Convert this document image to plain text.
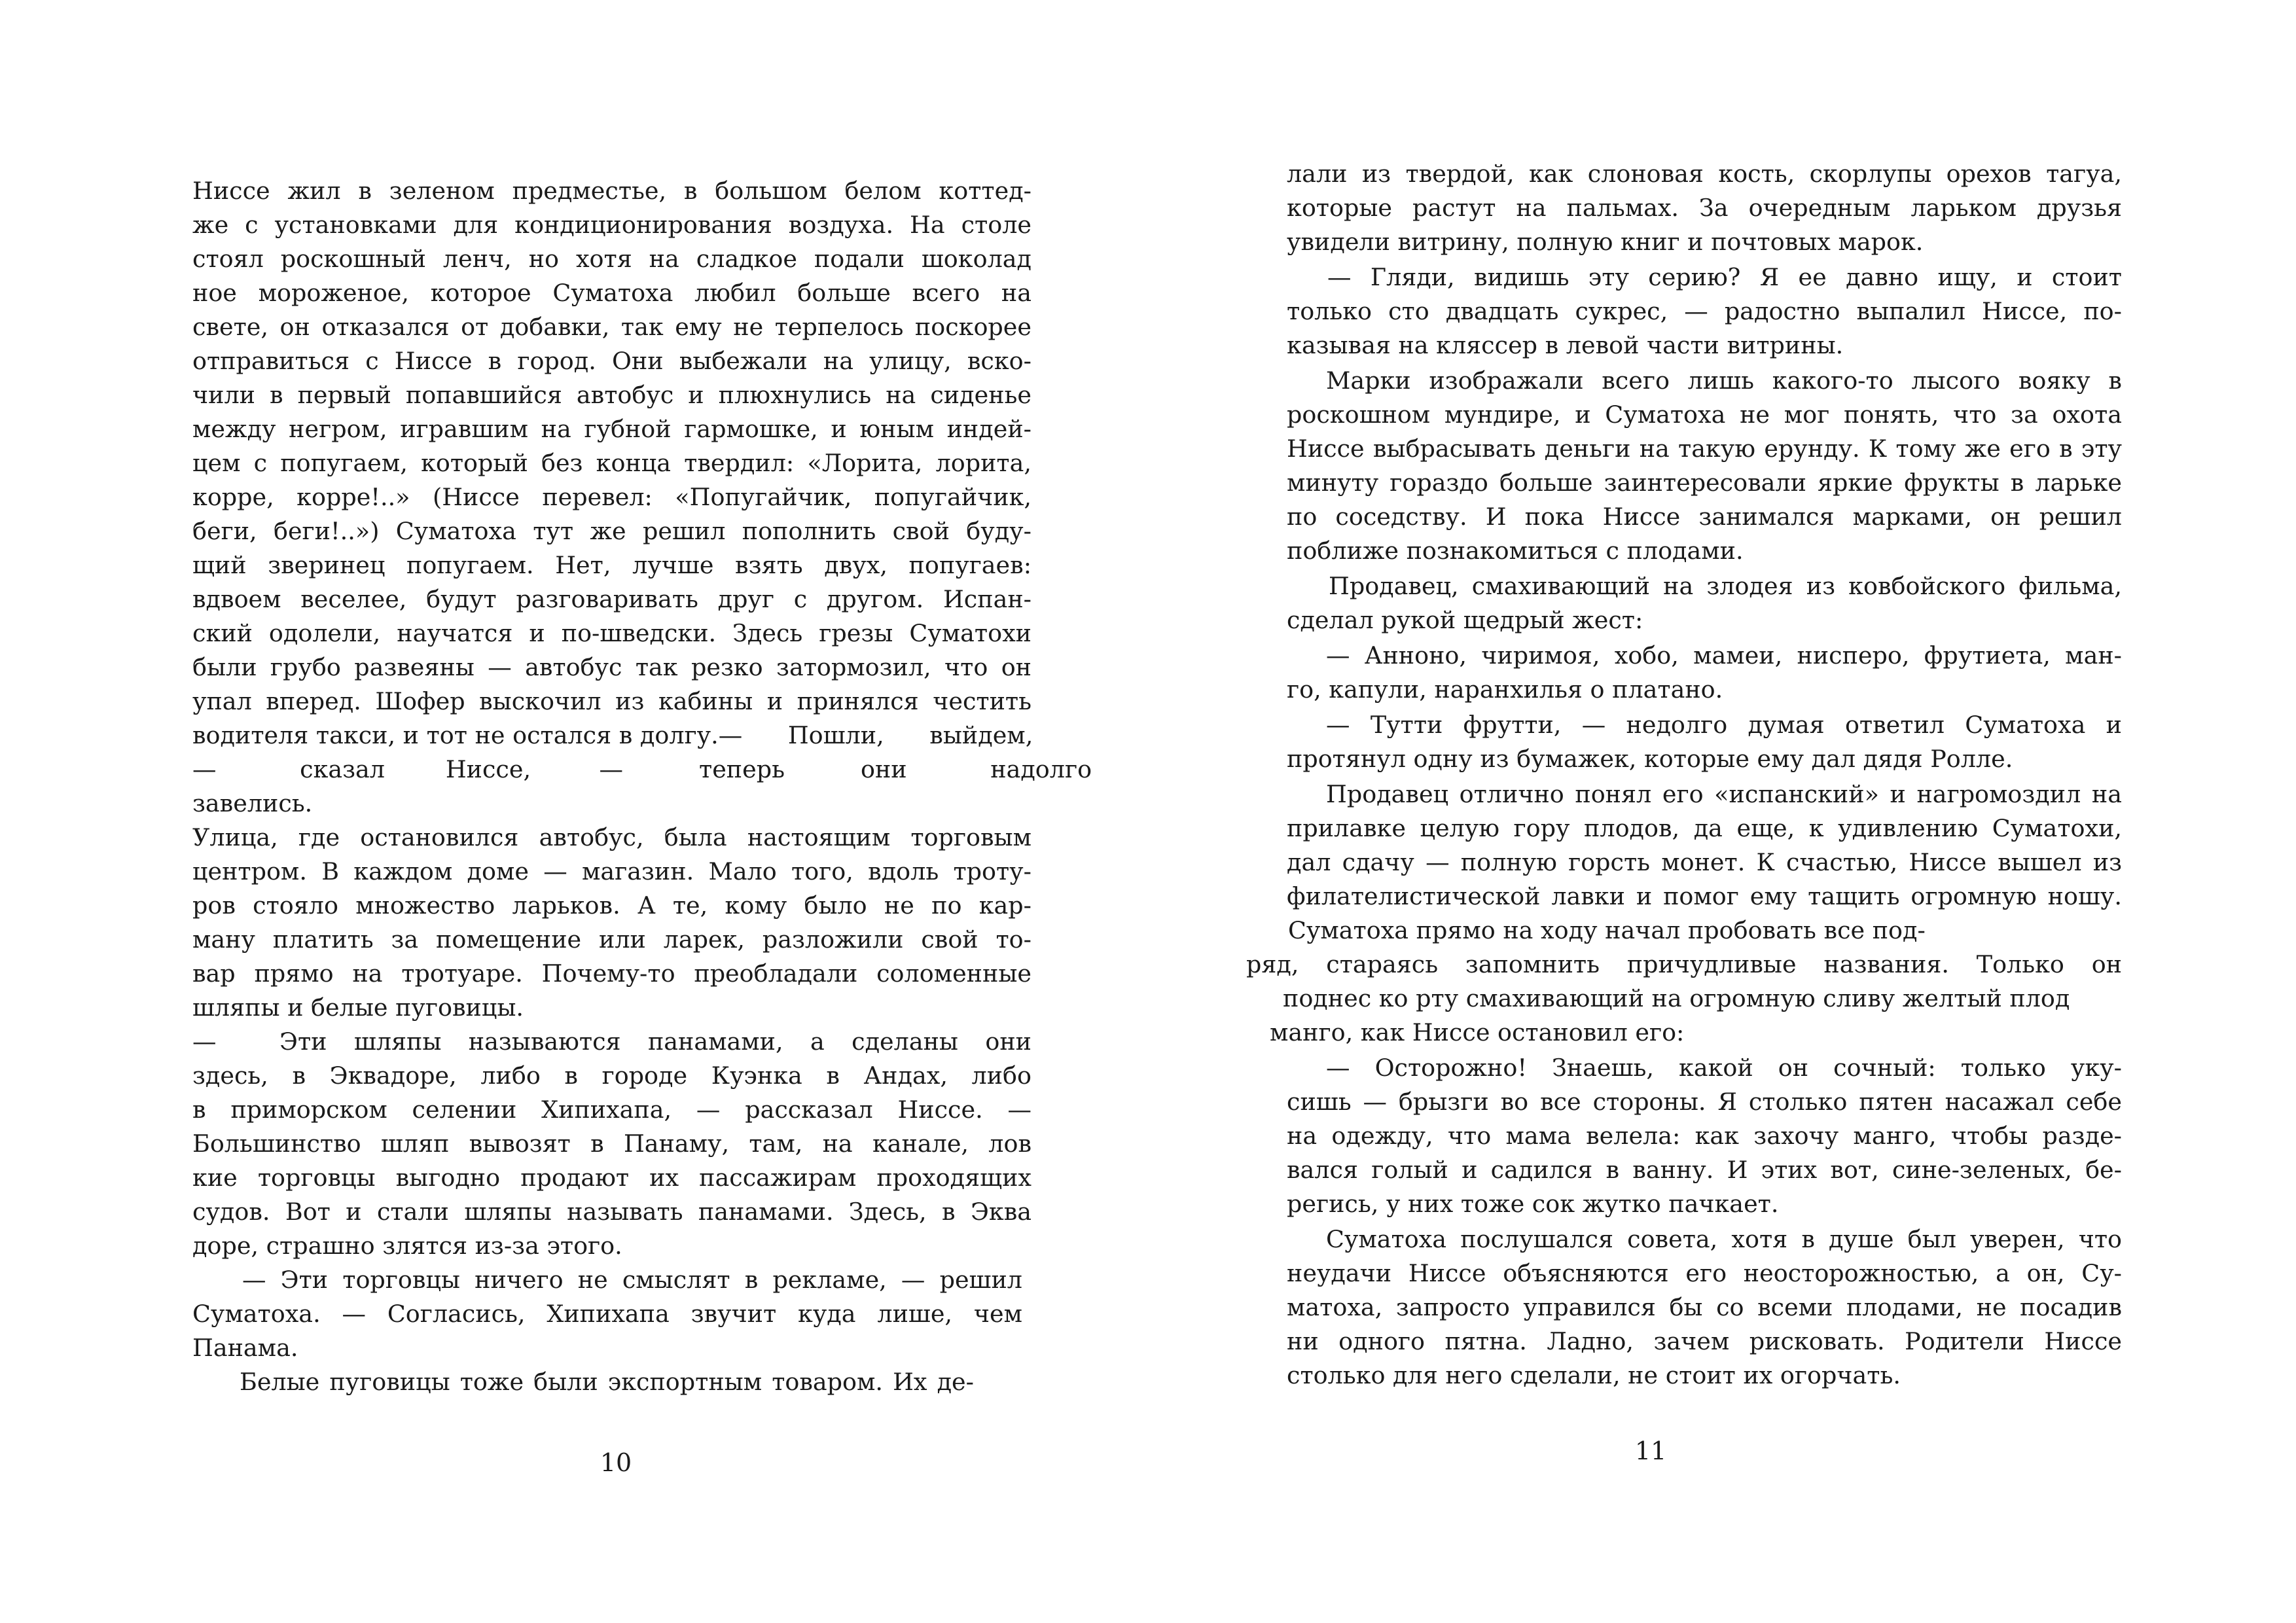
Ниссе жил в зеленом предместье, в большом белом коттед-
же с установками для кондиционирования воздуха. На столе
стоял роскошный ленч, но хотя на сладкое подали шоколад
ное мороженое, которое Суматоха любил больше всего на
свете, он отказался от добавки, так ему не терпелось поскорее
отправиться с Ниссе в город. Они выбежали на улицу, вско-
чили в первый попавшийся автобус и плюхнулись на сиденье
между негром, игравшим на губной гармошке, и юным индей-
цем с попугаем, который без конца твердил: «Лорита, лорита,
корре, корре!..» (Ниссе перевел: «Попугайчик, попугайчик,
беги, беги!..») Суматоха тут же решил пополнить свой буду-
щий зверинец попугаем. Нет, лучше взять двух, попугаев:
вдвоем веселее, будут разговаривать друг с другом. Испан-
ский одолели, научатся и по-шведски. Здесь грезы Суматохи
были грубо развеяны — автобус так резко затормозил, что он
упал вперед. Шофер выскочил из кабины и принялся честить
водителя такси, и тот не остался в долгу.—      Пошли,      выйдем,
—           сказал        Ниссе,         —          теперь          они           надолго
завелись.
Улица, где остановился автобус, была настоящим торговым
центром. В каждом доме — магазин. Мало того, вдоль троту-
ров стояло множество ларьков. А те, кому было не по кар-
ману платить за помещение или ларек, разложили свой то-
вар прямо на тротуаре. Почему-то преобладали соломенные
шляпы и белые пуговицы.
—       Эти   шляпы   называются   панамами,   а   сделаны   они
здесь, в Эквадоре, либо в городе Куэнка в Андах, либо
в приморском селении Хипихапа, — рассказал Ниссе. —
Большинство шляп вывозят в Панаму, там, на канале, лов
кие торговцы выгодно продают их пассажирам проходящих
судов. Вот и стали шляпы называть панамами. Здесь, в Эква
доре, страшно злятся из-за этого.
— Эти торговцы ничего не смыслят в рекламе, — решил
Суматоха. — Согласись, Хипихапа звучит куда лише, чем
Панама.
Белые пуговицы тоже были экспортным товаром. Их де-
10
лали из твердой, как слоновая кость, скорлупы орехов тагуа,
которые растут на пальмах. За очередным ларьком друзья
увидели витрину, полную книг и почтовых марок.
— Гляди, видишь эту серию? Я ее давно ищу, и стоит
только сто двадцать сукрес, — радостно выпалил Ниссе, по-
казывая на кляссер в левой части витрины.
Марки изображали всего лишь какого-то лысого вояку в
роскошном мундире, и Суматоха не мог понять, что за охота
Ниссе выбрасывать деньги на такую ерунду. К тому же его в эту
минуту гораздо больше заинтересовали яркие фрукты в ларьке
по соседству. И пока Ниссе занимался марками, он решил
поближе познакомиться с плодами.
Продавец, смахивающий на злодея из ковбойского фильма,
сделал рукой щедрый жест:
— Анноно, чиримоя, хобо, мамеи, ниспeро, фрутиета, ман-
го, капули, наранхилья о платано.
— Тутти фрутти, — недолго думая ответил Суматоха и
протянул одну из бумажек, которые ему дал дядя Ролле.
Продавец отлично понял его «испанский» и нагромоздил на
прилавке целую гору плодов, да еще, к удивлению Суматохи,
дал сдачу — полную горсть монет. К счастью, Ниссе вышел из
филателистической лавки и помог ему тащить огромную ношу.
Суматоха прямо на ходу начал пробовать все под-
ряд, стараясь запомнить причудливые названия. Только он
поднес ко рту смахивающий на огромную сливу желтый плод
манго, как Ниссе остановил его:
— Осторожно! Знаешь, какой он сочный: только уку-
сишь — брызги во все стороны. Я столько пятен насажал себе
на одежду, что мама велела: как захочу манго, чтобы разде-
вался голый и садился в ванну. И этих вот, сине-зеленых, бе-
регись, у них тоже сок жутко пачкает.
Суматоха послушался совета, хотя в душе был уверен, что
неудачи Ниссе объясняются его неосторожностью, а он, Су-
матоха, запросто управился бы со всеми плодами, не посадив
ни одного пятна. Ладно, зачем рисковать. Родители Ниссе
столько для него сделали, не стоит их огорчать.
11
